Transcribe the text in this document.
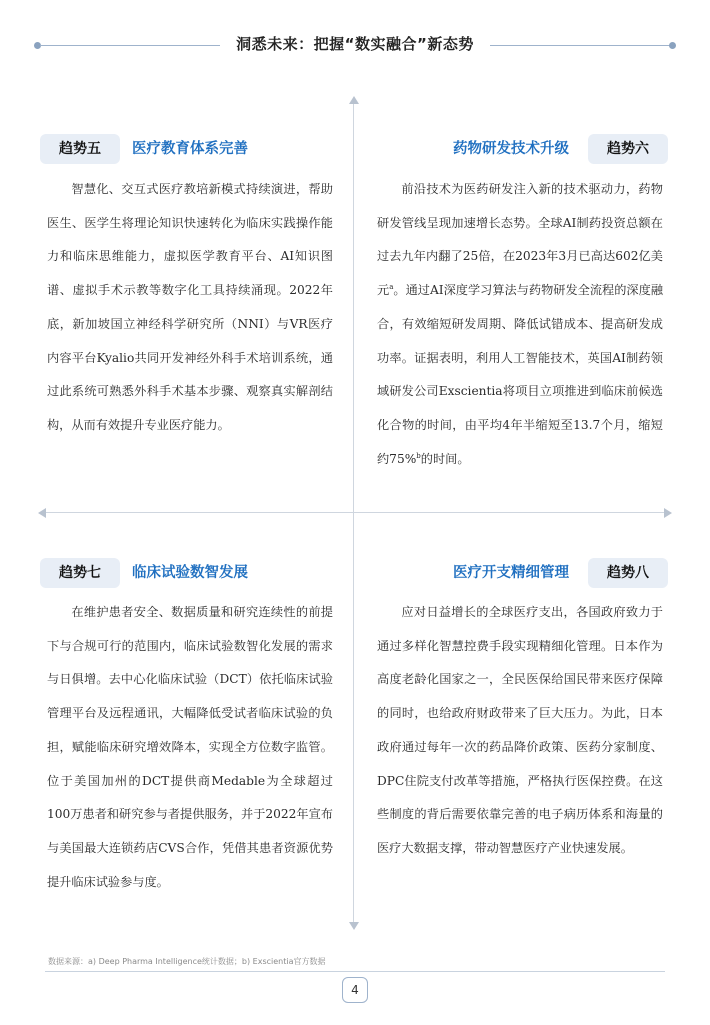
洞悉未来：把握“数实融合”新态势
趋势五	医疗教育体系完善
智慧化、交互式医疗教培新模式持续演进，帮助医生、医学生将理论知识快速转化为临床实践操作能力和临床思维能力，虚拟医学教育平台、AI知识图谱、虚拟手术示教等数字化工具持续涌现。2022年底，新加坡国立神经科学研究所（NNI）与VR医疗内容平台Kyalio共同开发神经外科手术培训系统，通过此系统可熟悉外科手术基本步骤、观察真实解剖结构，从而有效提升专业医疗能力。
药物研发技术升级	趋势六
前沿技术为医药研发注入新的技术驱动力，药物研发管线呈现加速增长态势。全球AI制药投资总额在过去九年内翻了25倍，在2023年3月已高达602亿美元$^a$。通过AI深度学习算法与药物研发全流程的深度融合，有效缩短研发周期、降低试错成本、提高研发成功率。证据表明，利用人工智能技术，英国AI制药领域研发公司Exscientia将项目立项推进到临床前候选化合物的时间，由平均4年半缩短至13.7个月，缩短约75%$^b$的时间。
趋势七	临床试验数智发展
在维护患者安全、数据质量和研究连续性的前提下与合规可行的范围内，临床试验数智化发展的需求与日俱增。去中心化临床试验（DCT）依托临床试验管理平台及远程通讯，大幅降低受试者临床试验的负担，赋能临床研究增效降本，实现全方位数字监管。位于美国加州的DCT提供商Medable为全球超过100万患者和研究参与者提供服务，并于2022年宣布与美国最大连锁药店CVS合作，凭借其患者资源优势提升临床试验参与度。
医疗开支精细管理	趋势八
应对日益增长的全球医疗支出，各国政府致力于通过多样化智慧控费手段实现精细化管理。日本作为高度老龄化国家之一，全民医保给国民带来医疗保障的同时，也给政府财政带来了巨大压力。为此，日本政府通过每年一次的药品降价政策、医药分家制度、DPC住院支付改革等措施，严格执行医保控费。在这些制度的背后需要依靠完善的电子病历体系和海量的医疗大数据支撑，带动智慧医疗产业快速发展。
数据来源：a) Deep Pharma Intelligence统计数据；b) Exscientia官方数据
4
